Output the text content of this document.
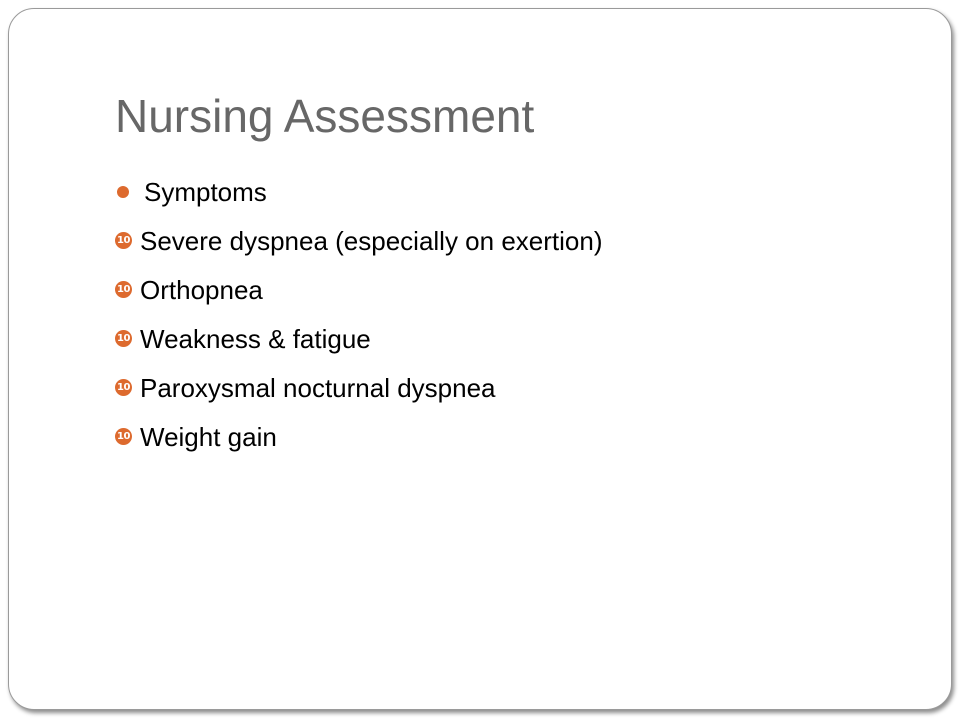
Nursing Assessment
Symptoms
10 Severe dyspnea (especially on exertion)
10 Orthopnea
10 Weakness & fatigue
10 Paroxysmal nocturnal dyspnea
10 Weight gain
